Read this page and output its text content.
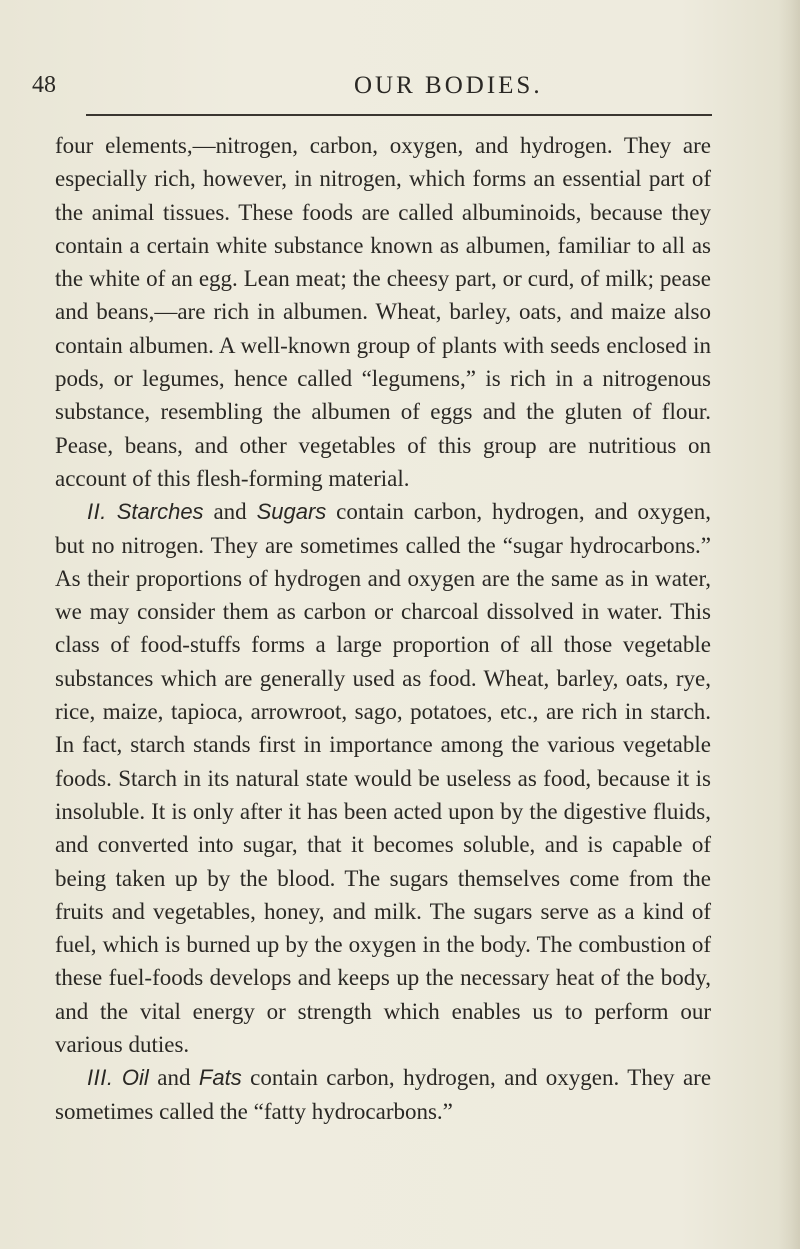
48	OUR BODIES.

four elements,—nitrogen, carbon, oxygen, and hydrogen. They are especially rich, however, in nitrogen, which forms an essential part of the animal tissues. These foods are called albuminoids, because they contain a certain white substance known as albumen, familiar to all as the white of an egg. Lean meat; the cheesy part, or curd, of milk; pease and beans,—are rich in albumen. Wheat, barley, oats, and maize also contain albumen. A well-known group of plants with seeds enclosed in pods, or legumes, hence called “legumens,” is rich in a nitrogenous substance, resembling the albumen of eggs and the gluten of flour. Pease, beans, and other vegetables of this group are nutritious on account of this flesh-forming material.

II. Starches and Sugars contain carbon, hydrogen, and oxygen, but no nitrogen. They are sometimes called the “sugar hydrocarbons.” As their proportions of hydrogen and oxygen are the same as in water, we may consider them as carbon or charcoal dissolved in water. This class of food-stuffs forms a large proportion of all those vegetable substances which are generally used as food. Wheat, barley, oats, rye, rice, maize, tapioca, arrowroot, sago, potatoes, etc., are rich in starch. In fact, starch stands first in importance among the various vegetable foods. Starch in its natural state would be useless as food, because it is insoluble. It is only after it has been acted upon by the digestive fluids, and converted into sugar, that it becomes soluble, and is capable of being taken up by the blood. The sugars themselves come from the fruits and vegetables, honey, and milk. The sugars serve as a kind of fuel, which is burned up by the oxygen in the body. The combustion of these fuel-foods develops and keeps up the necessary heat of the body, and the vital energy or strength which enables us to perform our various duties.

III. Oil and Fats contain carbon, hydrogen, and oxygen. They are sometimes called the “fatty hydrocarbons.”
